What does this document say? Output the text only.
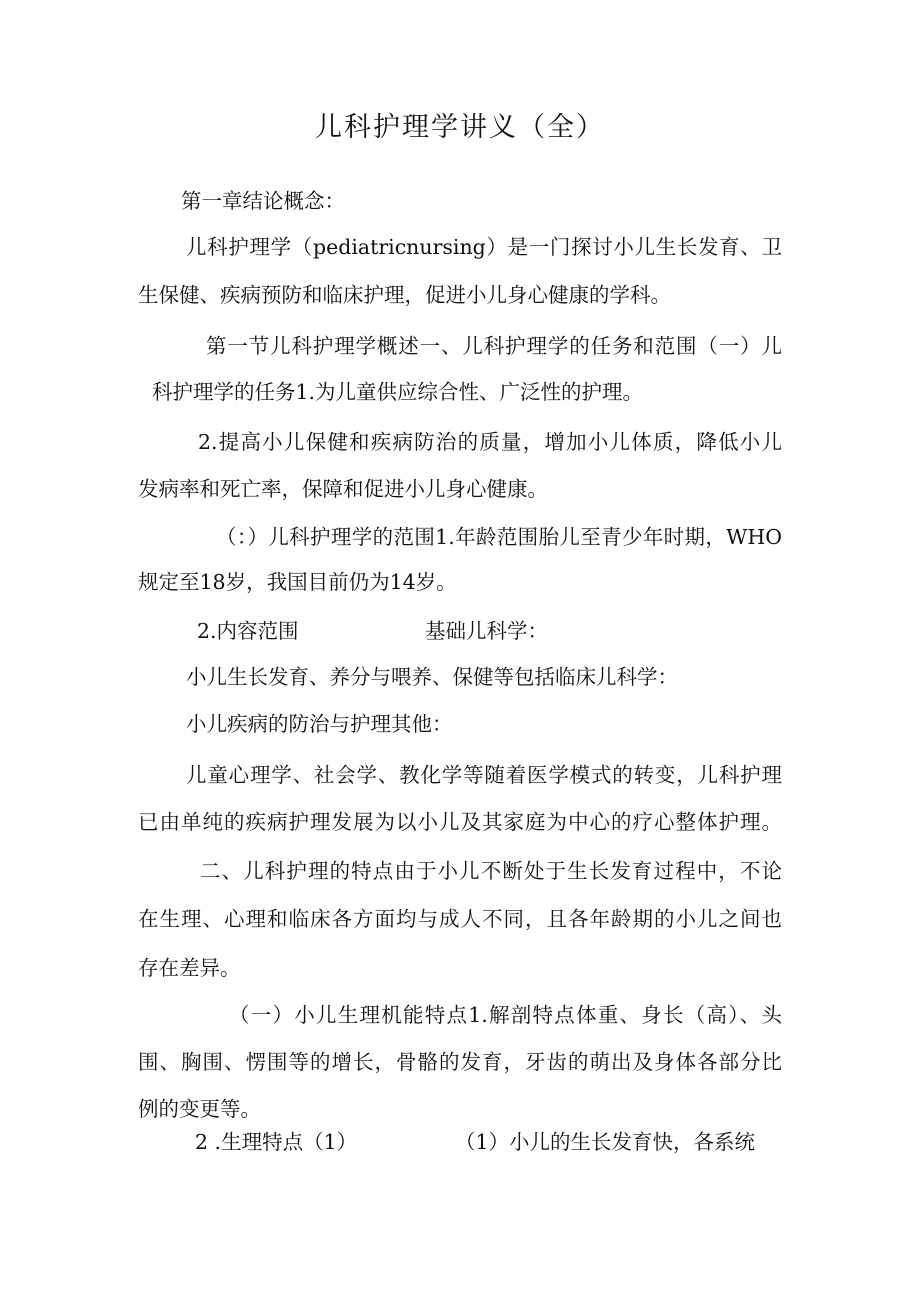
儿科护理学讲义（全）
第一章结论概念：
儿科护理学（pediatricnursing）是一门探讨小儿生长发育、卫
生保健、疾病预防和临床护理，促进小儿身心健康的学科。
第一节儿科护理学概述一、儿科护理学的任务和范围（一）儿
科护理学的任务1.为儿童供应综合性、广泛性的护理。
2.提高小儿保健和疾病防治的质量，增加小儿体质，降低小儿
发病率和死亡率，保障和促进小儿身心健康。
（：）儿科护理学的范围1.年龄范围胎儿至青少年时期，WHO
规定至18岁，我国目前仍为14岁。
2.内容范围	基础儿科学：
小儿生长发育、养分与喂养、保健等包括临床儿科学：
小儿疾病的防治与护理其他：
儿童心理学、社会学、教化学等随着医学模式的转变，儿科护理
已由单纯的疾病护理发展为以小儿及其家庭为中心的疗心整体护理。
二、儿科护理的特点由于小儿不断处于生长发育过程中，不论
在生理、心理和临床各方面均与成人不同，且各年龄期的小儿之间也
存在差异。
（一）小儿生理机能特点1.解剖特点体重、身长（高）、头
围、胸围、愣围等的增长，骨骼的发育，牙齿的萌出及身体各部分比
例的变更等。
2 .生理特点（1）	（1）小儿的生长发育快，各系统
